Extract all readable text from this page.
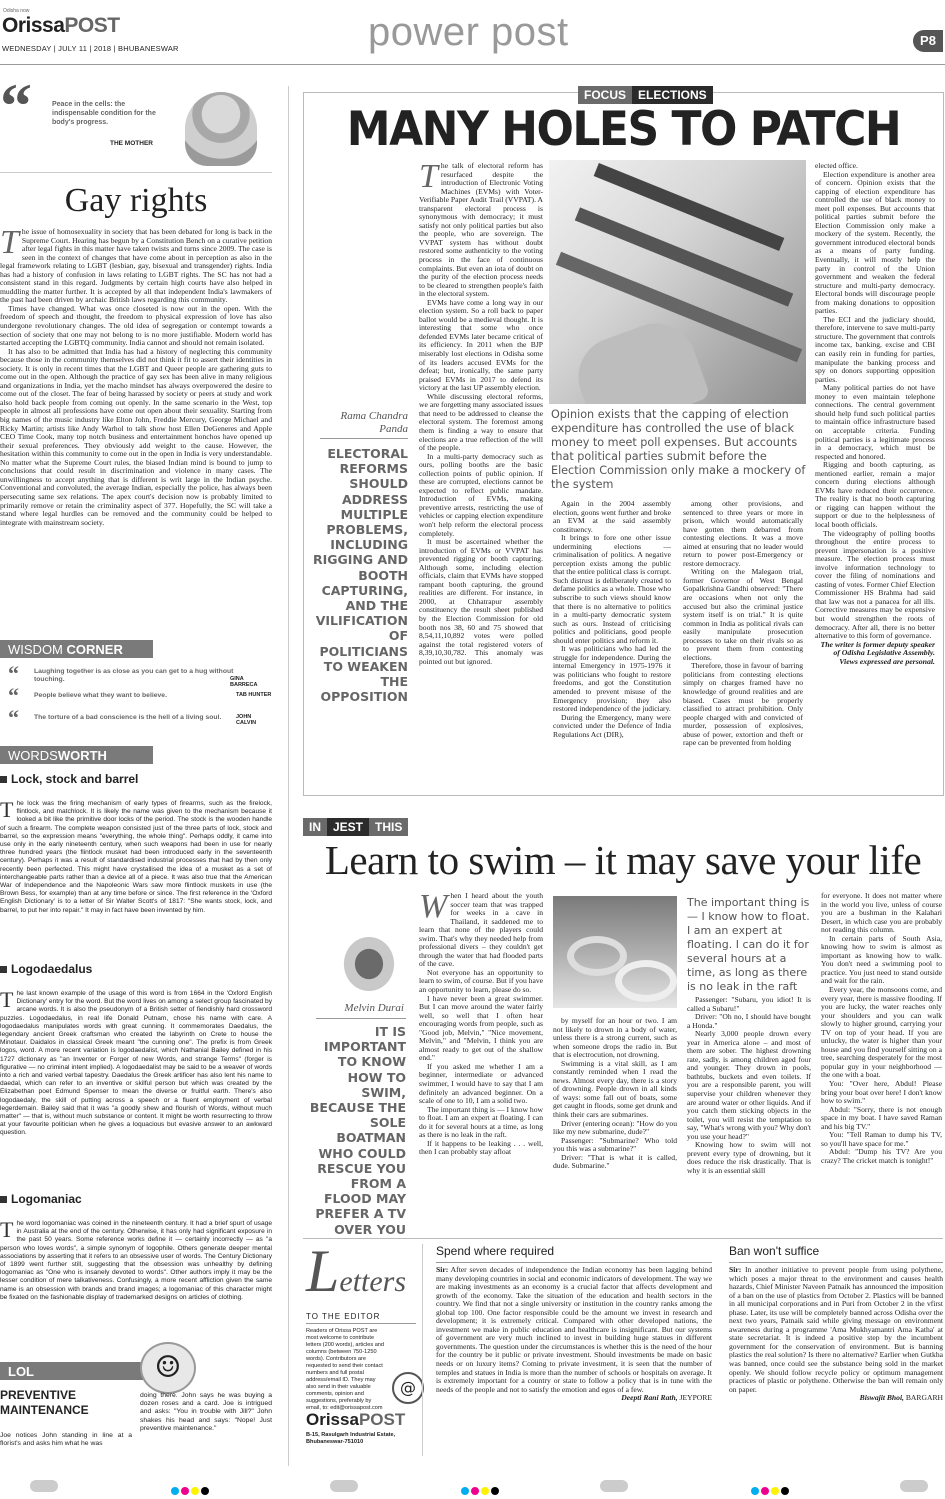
OrissaPOST
Odisha now
WEDNESDAY | JULY 11 | 2018 | BHUBANESWAR	power post	P8
“	Peace in the cells: the indispensable condition for the body's progress.
THE MOTHER
Gay rights

The issue of homosexuality in society that has been debated for long is back in the Supreme Court. Hearing has begun by a Constitution Bench on a curative petition after legal fights in this matter have taken twists and turns since 2009. The case is seen in the context of changes that have come about in perception as also in the legal framework relating to LGBT (lesbian, gay, bisexual and transgender) rights. India has had a history of confusion in laws relating to LGBT rights. The SC has not had a consistent stand in this regard. Judgments by certain high courts have also helped in muddling the matter further. It is accepted by all that independent India's lawmakers of the past had been driven by archaic British laws regarding this community.

Times have changed. What was once closeted is now out in the open. With the freedom of speech and thought, the freedom to physical expression of love has also undergone revolutionary changes. The old idea of segregation or contempt towards a section of society that one may not belong to is no more justifiable. Modern world has started accepting the LGBTQ community. India cannot and should not remain isolated.

It has also to be admitted that India has had a history of neglecting this community because those in the community themselves did not think it fit to assert their identities in society. It is only in recent times that the LGBT and Queer people are gathering guts to come out in the open. Although the practice of gay sex has been alive in many religious and organizations in India, yet the macho mindset has always overpowered the desire to come out of the closet. The fear of being harassed by society or peers at study and work also hold back people from coming out openly. In the same scenario in the West, top people in almost all professions have come out open about their sexuality. Starting from big names of the music industry like Elton John, Freddie Mercury, George Michael and Ricky Martin; artists like Andy Warhol to talk show host Ellen DeGeneres and Apple CEO Time Cook, many top notch business and entertainment honchos have opened up their sexual preferences. They obviously add weight to the cause. However, the hesitation within this community to come out in the open in India is very understandable. No matter what the Supreme Court rules, the biased Indian mind is bound to jump to conclusions that could result in discrimination and violence in many cases. The unwillingness to accept anything that is different is writ large in the Indian psyche. Conventional and convoluted, the average Indian, especially the police, has always been persecuting same sex relations. The apex court's decision now is probably limited to primarily remove or retain the criminality aspect of 377. Hopefully, the SC will take a stand where legal hurdles can be removed and the community could be helped to integrate with mainstream society.

WISDOM CORNER
“ Laughing together is as close as you can get to a hug without touching.	GINA BARRECA
“ People believe what they want to believe.	TAB HUNTER
“ The torture of a bad conscience is the hell of a living soul.	JOHN CALVIN
WORDSWORTH
Lock, stock and barrel
The lock was the firing mechanism of early types of firearms, such as the firelock, flintlock, and matchlock. It is likely the name was given to the mechanism because it looked a bit like the primitive door locks of the period. The stock is the wooden handle of such a firearm. The complete weapon consisted just of the three parts of lock, stock and barrel, so the expression means "everything, the whole thing". Perhaps oddly, it came into use only in the early nineteenth century, when such weapons had been in use for nearly three hundred years (the flintlock musket had been introduced early in the seventeenth century). Perhaps it was a result of standardised industrial processes that had by then only recently been perfected. This might have crystallised the idea of a musket as a set of interchangeable parts rather than a device all of a piece. It was also true that the American War of Independence and the Napoleonic Wars saw more flintlock muskets in use (the Brown Bess, for example) than at any time before or since. The first reference in the 'Oxford English Dictionary' is to a letter of Sir Walter Scott's of 1817: "She wants stock, lock, and barrel, to put her into repair." It may in fact have been invented by him.
Logodaedalus
The last known example of the usage of this word is from 1664 in the 'Oxford English Dictionary' entry for the word. But the word lives on among a select group fascinated by arcane words. It is also the pseudonym of a British setter of fiendishly hard crossword puzzles. Logodaedalus, in real life Donald Putnam, chose his name with care. A logodaedalus manipulates words with great cunning. It commemorates Daedalus, the legendary ancient Greek craftsman who created the labyrinth on Crete to house the Minotaur. Daidalos in classical Greek meant "the cunning one". The prefix is from Greek logos, word. A more recent variation is logodaedalist, which Nathanial Bailey defined in his 1727 dictionary as "an Inventer or Forger of new Words, and strange Terms" (forger is figurative — no criminal intent implied). A logodaedalist may be said to be a weaver of words into a rich and varied verbal tapestry. Daedalus the Greek artificer has also lent his name to daedal, which can refer to an inventive or skilful person but which was created by the Elizabethan poet Edmund Spenser to mean the diverse or fruitful earth. There's also logodaedaly, the skill of putting across a speech or a fluent employment of verbal legerdemain. Bailey said that it was "a goodly shew and flourish of Words, without much matter" — that is, without much substance or content. It might be worth resurrecting to throw at your favourite politician when he gives a loquacious but evasive answer to an awkward question.
Logomaniac
The word logomaniac was coined in the nineteenth century. It had a brief spurt of usage in Australia at the end of the century. Otherwise, it has only had significant exposure in the past 50 years. Some reference works define it — certainly incorrectly — as "a person who loves words", a simple synonym of logophile. Others generate deeper mental associations by asserting that it refers to an obsessive user of words. The Century Dictionary of 1899 went further still, suggesting that the obsession was unhealthy by defining logomaniac as "One who is insanely devoted to words". Other authors imply it may be the lesser condition of mere talkativeness. Confusingly, a more recent affliction given the same name is an obsession with brands and brand images; a logomaniac of this character might be fixated on the fashionable display of trademarked designs on articles of clothing.
LOL	☺
PREVENTIVE MAINTENANCE
Joe notices John standing in line at a florist's and asks him what he was
doing there. John says he was buying a dozen roses and a card. Joe is intrigued and asks: "You in trouble with Jill?" John shakes his head and says: "Nope! Just preventive maintenance."
FOCUS ELECTIONS
MANY HOLES TO PATCH
Rama Chandra Panda
ELECTORAL REFORMS SHOULD ADDRESS MULTIPLE PROBLEMS, INCLUDING RIGGING AND BOOTH CAPTURING, AND THE VILIFICATION OF POLITICIANS TO WEAKEN THE OPPOSITION

The talk of electoral reform has resurfaced despite the introduction of Electronic Voting Machines (EVMs) with Voter-Verifiable Paper Audit Trail (VVPAT). A transparent electoral process is synonymous with democracy; it must satisfy not only political parties but also the people, who are sovereign. The VVPAT system has without doubt restored some authenticity to the voting process in the face of continuous complaints. But even an iota of doubt on the purity of the election process needs to be cleared to strengthen people's faith in the electoral system.

EVMs have come a long way in our election system. So a roll back to paper ballot would be a medieval thought. It is interesting that some who once defended EVMs later became critical of its efficiency. In 2011 when the BJP miserably lost elections in Odisha some of its leaders accused EVMs for the defeat; but, ironically, the same party praised EVMs in 2017 to defend its victory at the last UP assembly election.

While discussing electoral reforms, we are forgetting many associated issues that need to be addressed to cleanse the electoral system. The foremost among them is finding a way to ensure that elections are a true reflection of the will of the people.

In a multi-party democracy such as ours, polling booths are the basic collection points of public opinion. If these are corrupted, elections cannot be expected to reflect public mandate. Introduction of EVMs, making preventive arrests, restricting the use of vehicles or capping election expenditure won't help reform the electoral process completely.

It must be ascertained whether the introduction of EVMs or VVPAT has prevented rigging or booth capturing. Although some, including election officials, claim that EVMs have stopped rampant booth capturing, the ground realities are different. For instance, in 2000, at Chhatrapur assembly constituency the result sheet published by the Election Commission for old booth nos 38, 60 and 75 showed that 8,54,11,10,892 votes were polled against the total registered voters of 8,39,10,30,782. This anomaly was pointed out but ignored.

Opinion exists that the capping of election expenditure has controlled the use of black money to meet poll expenses. But accounts that political parties submit before the Election Commission only make a mockery of the system

Again in the 2004 assembly election, goons went further and broke an EVM at the said assembly constituency.

It brings to fore one other issue undermining elections — criminalisation of politics. A negative perception exists among the public that the entire political class is corrupt. Such distrust is deliberately created to defame politics as a whole. Those who subscribe to such views should know that there is no alternative to politics in a multi-party democratic system such as ours. Instead of criticising politics and politicians, good people should enter politics and reform it.

It was politicians who had led the struggle for independence. During the internal Emergency in 1975-1976 it was politicians who fought to restore freedoms, and got the Constitution amended to prevent misuse of the Emergency provision; they also restored independence of the judiciary.

During the Emergency, many were convicted under the Defence of India Regulations Act (DIR),

among other provisions, and sentenced to three years or more in prison, which would automatically have gotten them debarred from contesting elections. It was a move aimed at ensuring that no leader would return to power post-Emergency or restore democracy.

Writing on the Malegaon trial, former Governor of West Bengal Gopalkrishna Gandhi observed: "There are occasions when not only the accused but also the criminal justice system itself is on trial." It is quite common in India as political rivals can easily manipulate prosecution processes to take on their rivals so as to prevent them from contesting elections.

Therefore, those in favour of barring politicians from contesting elections simply on charges framed have no knowledge of ground realities and are biased. Cases must be properly classified to attract prohibition. Only people charged with and convicted of murder, possession of explosives, abuse of power, extortion and theft or rape can be prevented from holding

elected office.

Election expenditure is another area of concern. Opinion exists that the capping of election expenditure has controlled the use of black money to meet poll expenses. But accounts that political parties submit before the Election Commission only make a mockery of the system. Recently, the government introduced electoral bonds as a means of party funding. Eventually, it will mostly help the party in control of the Union government and weaken the federal structure and multi-party democracy. Electoral bonds will discourage people from making donations to opposition parties.

The ECI and the judiciary should, therefore, intervene to save multi-party structure. The government that controls income tax, banking, excise and CBI can easily rein in funding for parties, manipulate the banking process and spy on donors supporting opposition parties.

Many political parties do not have money to even maintain telephone connections. The central government should help fund such political parties to maintain office infrastructure based on acceptable criteria. Funding political parties is a legitimate process in a democracy, which must be respected and honored.

Rigging and booth capturing, as mentioned earlier, remain a major concern during elections although EVMs have reduced their occurrence. The reality is that no booth capturing or rigging can happen without the support or due to the helplessness of local booth officials.

The videography of polling booths throughout the entire process to prevent impersonation is a positive measure. The election process must involve information technology to cover the filing of nominations and casting of votes. Former Chief Election Commissioner HS Brahma had said that law was not a panacea for all ills. Corrective measures may be expensive but would strengthen the roots of democracy. After all, there is no better alternative to this form of governance.

The writer is former deputy speaker of Odisha Legislative Assembly. Views expressed are personal.

IN JEST THIS
Learn to swim – it may save your life
Melvin Durai
IT IS IMPORTANT TO KNOW HOW TO SWIM, BECAUSE THE SOLE BOATMAN WHO COULD RESCUE YOU FROM A FLOOD MAY PREFER A TV OVER YOU

When I heard about the youth soccer team that was trapped for weeks in a cave in Thailand, it saddened me to learn that none of the players could swim. That's why they needed help from professional divers – they couldn't get through the water that had flooded parts of the cave.

Not everyone has an opportunity to learn to swim, of course. But if you have an opportunity to learn, please do so.

I have never been a great swimmer. But I can move around the water fairly well, so well that I often hear encouraging words from people, such as "Good job, Melvin," "Nice movement, Melvin," and "Melvin, I think you are almost ready to get out of the shallow end."

If you asked me whether I am a beginner, intermediate or advanced swimmer, I would have to say that I am definitely an advanced beginner. On a scale of one to 10, I am a solid two.

The important thing is — I know how to float. I am an expert at floating. I can do it for several hours at a time, as long as there is no leak in the raft.

If it happens to be leaking . . . well, then I can probably stay afloat

by myself for an hour or two. I am not likely to drown in a body of water, unless there is a strong current, such as when someone drops the radio in. But that is electrocution, not drowning.

Swimming is a vital skill, as I am constantly reminded when I read the news. Almost every day, there is a story of drowning. People drown in all kinds of ways: some fall out of boats, some get caught in floods, some get drunk and think their cars are submarines.

Driver (entering ocean): "How do you like my new submarine, dude?"

Passenger: "Submarine? Who told you this was a submarine?"

Driver: "That is what it is called, dude. Submarine."

The important thing is — I know how to float. I am an expert at floating. I can do it for several hours at a time, as long as there is no leak in the raft

Passenger: "Subaru, you idiot! It is called a Subaru!"

Driver: "Oh no, I should have bought a Honda."

Nearly 3,000 people drown every year in America alone – and most of them are sober. The highest drowning rate, sadly, is among children aged four and younger. They drown in pools, bathtubs, buckets and even toilets. If you are a responsible parent, you will supervise your children whenever they are around water or other liquids. And if you catch them sticking objects in the toilet, you will resist the temptation to say, "What's wrong with you? Why don't you use your head?"

Knowing how to swim will not prevent every type of drowning, but it does reduce the risk drastically. That is why it is an essential skill

for everyone. It does not matter where in the world you live, unless of course you are a bushman in the Kalahari Desert, in which case you are probably not reading this column.

In certain parts of South Asia, knowing how to swim is almost as important as knowing how to walk. You don't need a swimming pool to practice. You just need to stand outside and wait for the rain.

Every year, the monsoons come, and every year, there is massive flooding. If you are lucky, the water reaches only your shoulders and you can walk slowly to higher ground, carrying your TV on top of your head. If you are unlucky, the water is higher than your house and you find yourself sitting on a tree, searching desperately for the most popular guy in your neighborhood — the one with a boat.

You: "Over here, Abdul! Please bring your boat over here! I don't know how to swim."

Abdul: "Sorry, there is not enough space in my boat. I have saved Raman and his big TV."

You: "Tell Raman to dump his TV, so you'll have space for me."

Abdul: "Dump his TV? Are you crazy? The cricket match is tonight!"

Letters
TO THE EDITOR
Readers of Orissa POST are most welcome to contribute letters (200 words), articles and columns (between 750-1250 words). Contributors are requested to send their contact numbers and full postal address/email ID. They may also send in their valuable comments, opinion and suggestions, preferably by email, to: edit@orissapost.com
@
OrissaPOST
B-15, Rasulgarh Industrial Estate, Bhubaneswar-751010
Spend where required

Sir: After seven decades of independence the Indian economy has been lagging behind many developing countries in social and economic indicators of development. The way we are making investments as an economy is a crucial factor that affects development and growth of the economy. Take the situation of the education and health sectors in the country. We find that not a single university or institution in the country ranks among the global top 100. One factor responsible could be the amount we invest in research and development; it is extremely critical. Compared with other developed nations, the investment we make in public education and healthcare is insignificant. But our systems of government are very much inclined to invest in building huge statues in different governments. The question under the circumstances is whether this is the need of the hour for the country be it public or private investment. Should investments be made on basic needs or on luxury items? Coming to private investment, it is seen that the number of temples and statues in India is more than the number of schools or hospitals on average. It is extremely important for a country or state to follow a policy that is in tune with the needs of the people and not to satisfy the emotion and egos of a few.

Deepti Rani Rath, JEYPORE

Ban won't suffice

Sir: In another initiative to prevent people from using polythene, which poses a major threat to the environment and causes health hazards, Chief Minister Naveen Patnaik has announced the imposition of a ban on the use of plastics from October 2. Plastics will be banned in all municipal corporations and in Puri from October 2 in the vfirst phase. Later, its use will be completely banned across Odisha over the next two years, Patnaik said while giving message on environment awareness during a programme 'Ama Mukhyamantri Ama Katha' at state secretariat. It is indeed a positive step by the incumbent government for the conservation of environment. But is banning plastics the real solution? Is there no alternative? Earlier when Gutkha was banned, once could see the substance being sold in the market openly. We should follow recycle policy or optimum management practices of plastic or polythene. Otherwise the ban will remain only on paper.

Biswajit Bhoi, BARGARH
